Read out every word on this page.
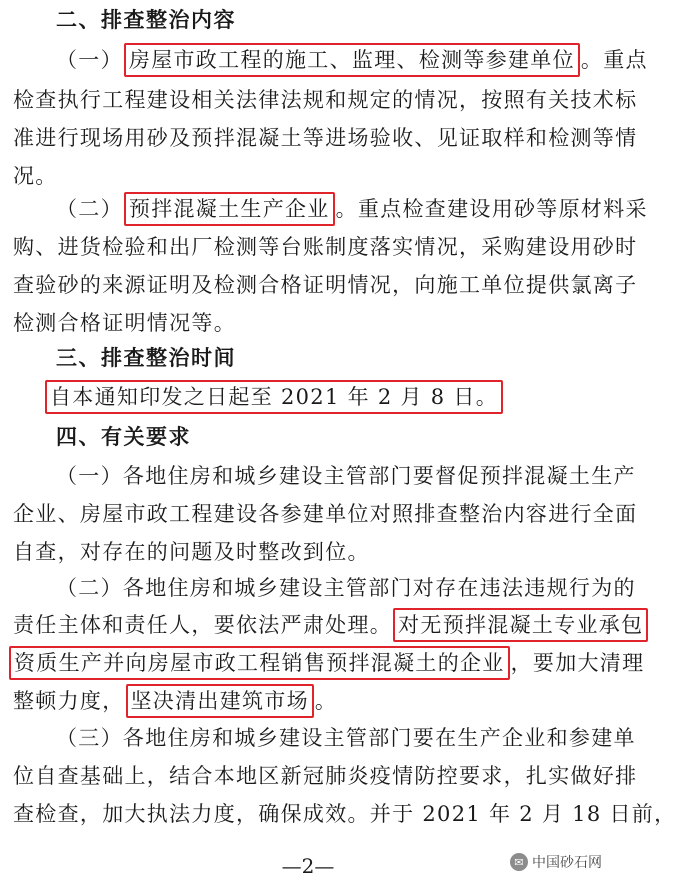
二、排查整治内容
（一） 房屋市政工程的施工、监理、检测等参建单位 。重点
检查执行工程建设相关法律法规和规定的情况，按照有关技术标
准进行现场用砂及预拌混凝土等进场验收、见证取样和检测等情
况。
（二） 预拌混凝土生产企业 。重点检查建设用砂等原材料采
购、进货检验和出厂检测等台账制度落实情况，采购建设用砂时
查验砂的来源证明及检测合格证明情况，向施工单位提供氯离子
检测合格证明情况等。
三、排查整治时间
自本通知印发之日起至 2021 年 2 月 8 日。
四、有关要求
（一）各地住房和城乡建设主管部门要督促预拌混凝土生产
企业、房屋市政工程建设各参建单位对照排查整治内容进行全面
自查，对存在的问题及时整改到位。
（二）各地住房和城乡建设主管部门对存在违法违规行为的
责任主体和责任人，要依法严肃处理。 对无预拌混凝土专业承包
资质生产并向房屋市政工程销售预拌混凝土的企业 ，要加大清理
整顿力度， 坚决清出建筑市场 。
（三）各地住房和城乡建设主管部门要在生产企业和参建单
位自查基础上，结合本地区新冠肺炎疫情防控要求，扎实做好排
查检查，加大执法力度，确保成效。并于 2021 年 2 月 18 日前，
—2—	✉ 中国砂石网
